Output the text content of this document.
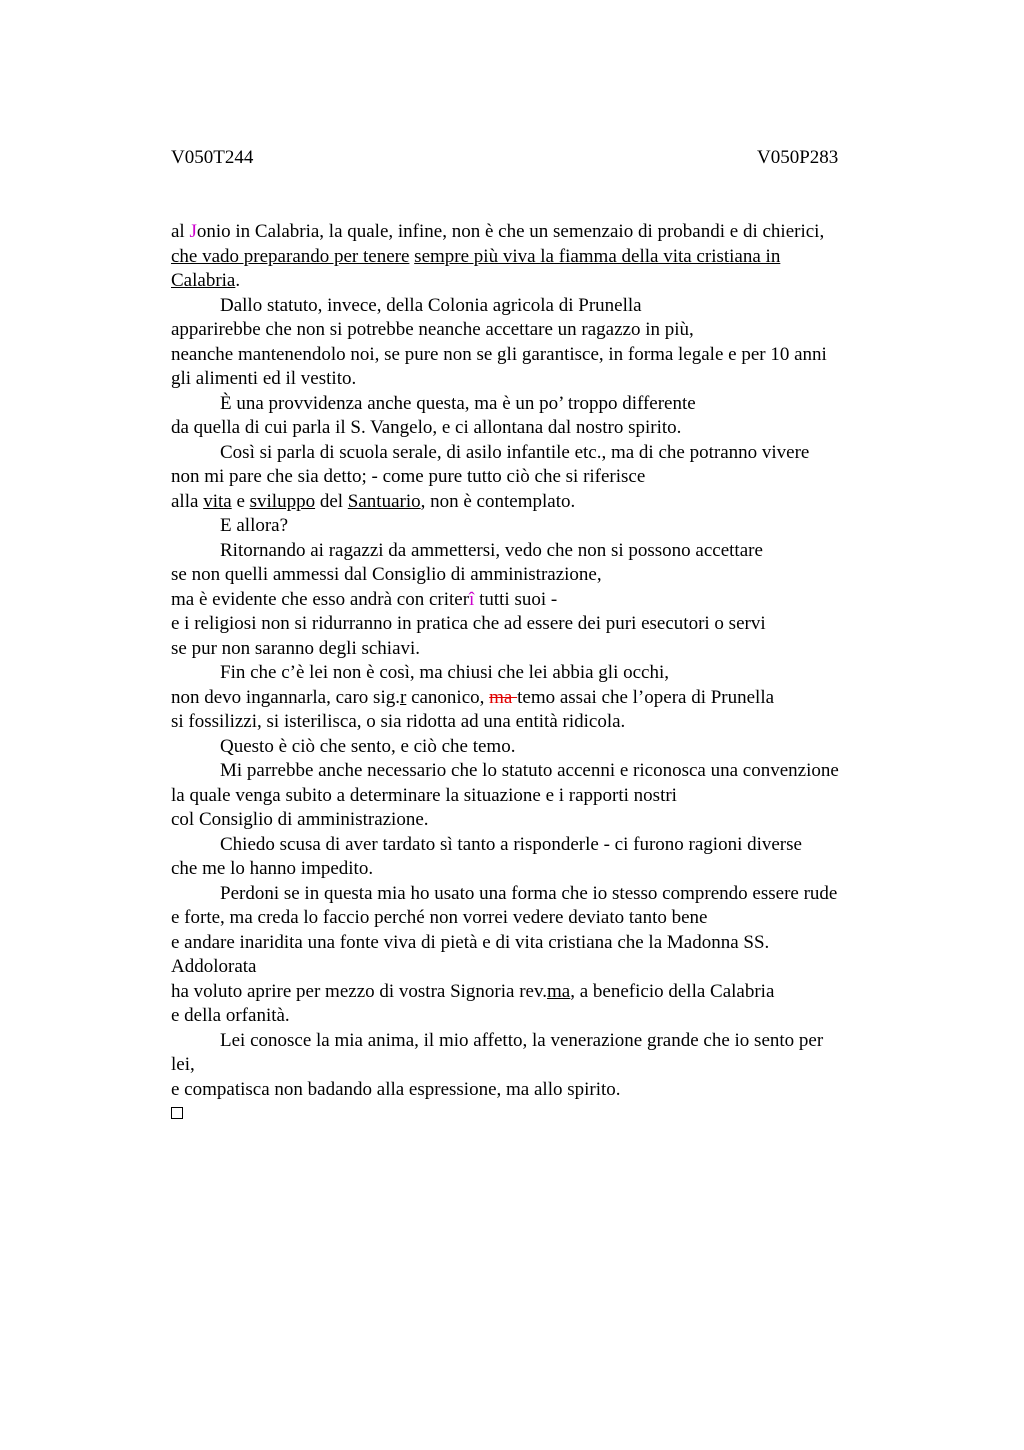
V050T244	V050P283
al Jonio in Calabria, la quale, infine, non è che un semenzaio di probandi e di chierici,
che vado preparando per tenere sempre più viva la fiamma della vita cristiana in
Calabria.
Dallo statuto, invece, della Colonia agricola di Prunella
apparirebbe che non si potrebbe neanche accettare un ragazzo in più,
neanche mantenendolo noi, se pure non se gli garantisce, in forma legale e per 10 anni
gli alimenti ed il vestito.
È una provvidenza anche questa, ma è un po’ troppo differente
da quella di cui parla il S. Vangelo, e ci allontana dal nostro spirito.
Così si parla di scuola serale, di asilo infantile etc., ma di che potranno vivere
non mi pare che sia detto; - come pure tutto ciò che si riferisce
alla vita e sviluppo del Santuario, non è contemplato.
E allora?
Ritornando ai ragazzi da ammettersi, vedo che non si possono accettare
se non quelli ammessi dal Consiglio di amministrazione,
ma è evidente che esso andrà con criterî tutti suoi -
e i religiosi non si ridurranno in pratica che ad essere dei puri esecutori o servi
se pur non saranno degli schiavi.
Fin che c’è lei non è così, ma chiusi che lei abbia gli occhi,
non devo ingannarla, caro sig.r canonico, ma temo assai che l’opera di Prunella
si fossilizzi, si isterilisca, o sia ridotta ad una entità ridicola.
Questo è ciò che sento, e ciò che temo.
Mi parrebbe anche necessario che lo statuto accenni e riconosca una convenzione
la quale venga subito a determinare la situazione e i rapporti nostri
col Consiglio di amministrazione.
Chiedo scusa di aver tardato sì tanto a risponderle - ci furono ragioni diverse
che me lo hanno impedito.
Perdoni se in questa mia ho usato una forma che io stesso comprendo essere rude
e forte, ma creda lo faccio perché non vorrei vedere deviato tanto bene
e andare inaridita una fonte viva di pietà e di vita cristiana che la Madonna SS.
Addolorata
ha voluto aprire per mezzo di vostra Signoria rev.ma, a beneficio della Calabria
e della orfanità.
Lei conosce la mia anima, il mio affetto, la venerazione grande che io sento per
lei,
e compatisca non badando alla espressione, ma allo spirito.
